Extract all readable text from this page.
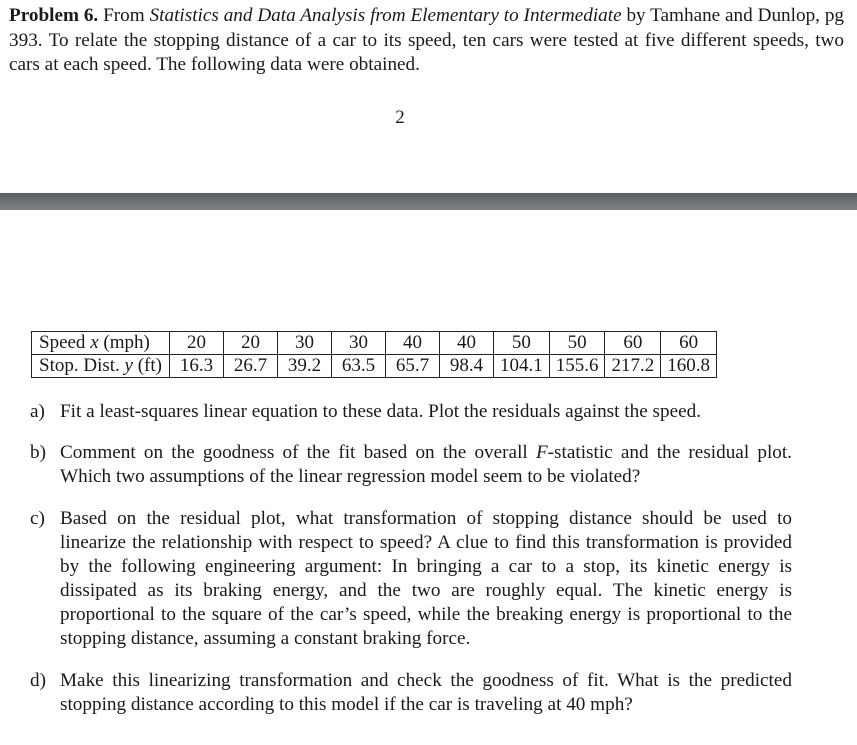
Problem 6. From Statistics and Data Analysis from Elementary to Intermediate by Tamhane and Dunlop, pg 393. To relate the stopping distance of a car to its speed, ten cars were tested at five different speeds, two cars at each speed. The following data were obtained.
2
Speed x (mph)	20	20	30	30	40	40	50	50	60	60
Stop. Dist. y (ft)	16.3	26.7	39.2	63.5	65.7	98.4	104.1	155.6	217.2	160.8
a) Fit a least-squares linear equation to these data. Plot the residuals against the speed.
b) Comment on the goodness of the fit based on the overall F-statistic and the residual plot. Which two assumptions of the linear regression model seem to be violated?
c) Based on the residual plot, what transformation of stopping distance should be used to linearize the relationship with respect to speed? A clue to find this transformation is provided by the following engineering argument: In bringing a car to a stop, its kinetic energy is dissipated as its braking energy, and the two are roughly equal. The kinetic energy is proportional to the square of the car’s speed, while the breaking energy is proportional to the stopping distance, assuming a constant braking force.
d) Make this linearizing transformation and check the goodness of fit. What is the predicted stopping distance according to this model if the car is traveling at 40 mph?
